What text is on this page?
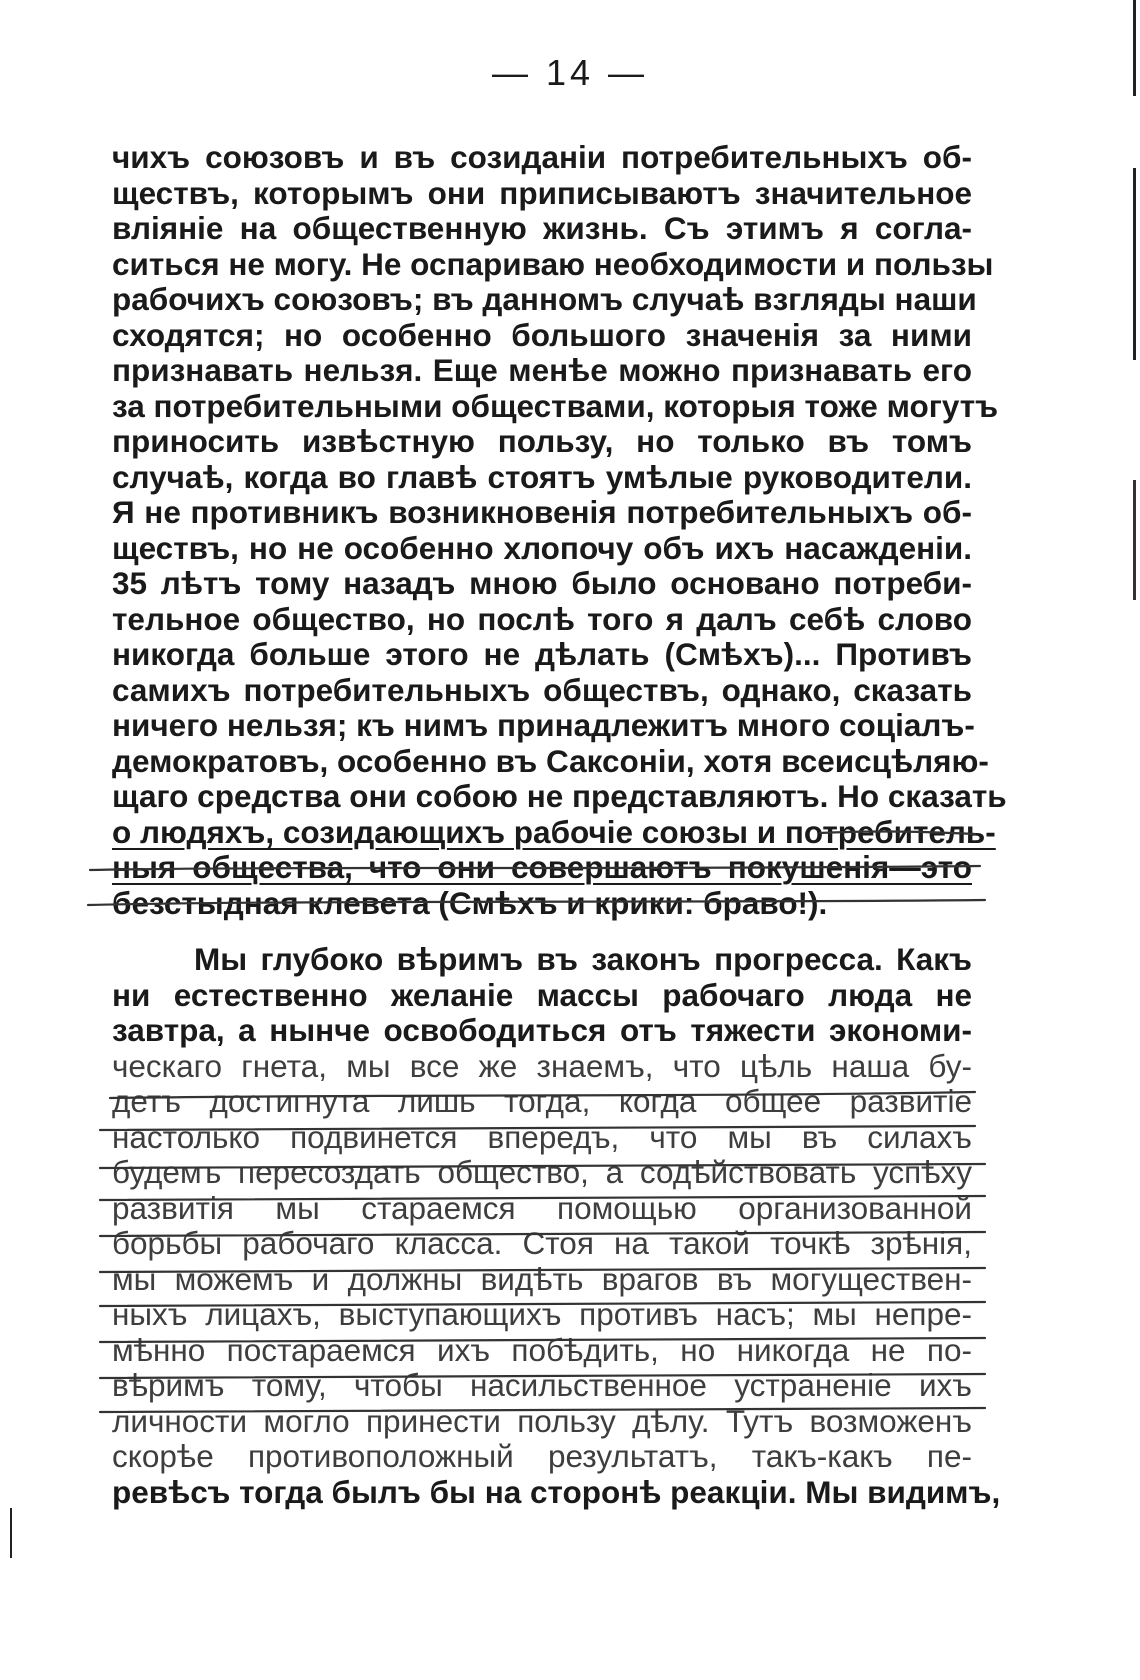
— 14 —
чихъ союзовъ и въ созиданіи потребительныхъ об-
ществъ, которымъ они приписываютъ значительное
вліяніе на общественную жизнь. Съ этимъ я согла-
ситься не могу. Не оспариваю необходимости и пользы
рабочихъ союзовъ; въ данномъ случаѣ взгляды наши
сходятся; но особенно большого значенія за ними
признавать нельзя. Еще менѣе можно признавать его
за потребительными обществами, которыя тоже могутъ
приносить извѣстную пользу, но только въ томъ
случаѣ, когда во главѣ стоятъ умѣлые руководители.
Я не противникъ возникновенія потребительныхъ об-
ществъ, но не особенно хлопочу объ ихъ насажденіи.
35 лѣтъ тому назадъ мною было основано потреби-
тельное общество, но послѣ того я далъ себѣ слово
никогда больше этого не дѣлать (Смѣхъ)... Противъ
самихъ потребительныхъ обществъ, однако, сказать
ничего нельзя; къ нимъ принадлежитъ много соціалъ-
демократовъ, особенно въ Саксоніи, хотя всеисцѣляю-
щаго средства они собою не представляютъ. Но сказать
о людяхъ, созидающихъ рабочіе союзы и потребитель-
ныя общества, что они совершаютъ покушенія—это
безстыдная клевета (Смѣхъ и крики: браво!).
Мы глубоко вѣримъ въ законъ прогресса. Какъ
ни естественно желаніе массы рабочаго люда не
завтра, а нынче освободиться отъ тяжести экономи-
ческаго гнета, мы все же знаемъ, что цѣль наша бу-
детъ достигнута лишь тогда, когда общее развитіе
настолько подвинется впередъ, что мы въ силахъ
будемъ пересоздать общество, а содѣйствовать успѣху
развитія мы стараемся помощью организованной
борьбы рабочаго класса. Стоя на такой точкѣ зрѣнія,
мы можемъ и должны видѣть врагов въ могуществен-
ныхъ лицахъ, выступающихъ противъ насъ; мы непре-
мѣнно постараемся ихъ побѣдить, но никогда не по-
вѣримъ тому, чтобы насильственное устраненіе ихъ
личности могло принести пользу дѣлу. Тутъ возможенъ
скорѣе противоположный результатъ, такъ-какъ пе-
ревѣсъ тогда былъ бы на сторонѣ реакціи. Мы видимъ,
